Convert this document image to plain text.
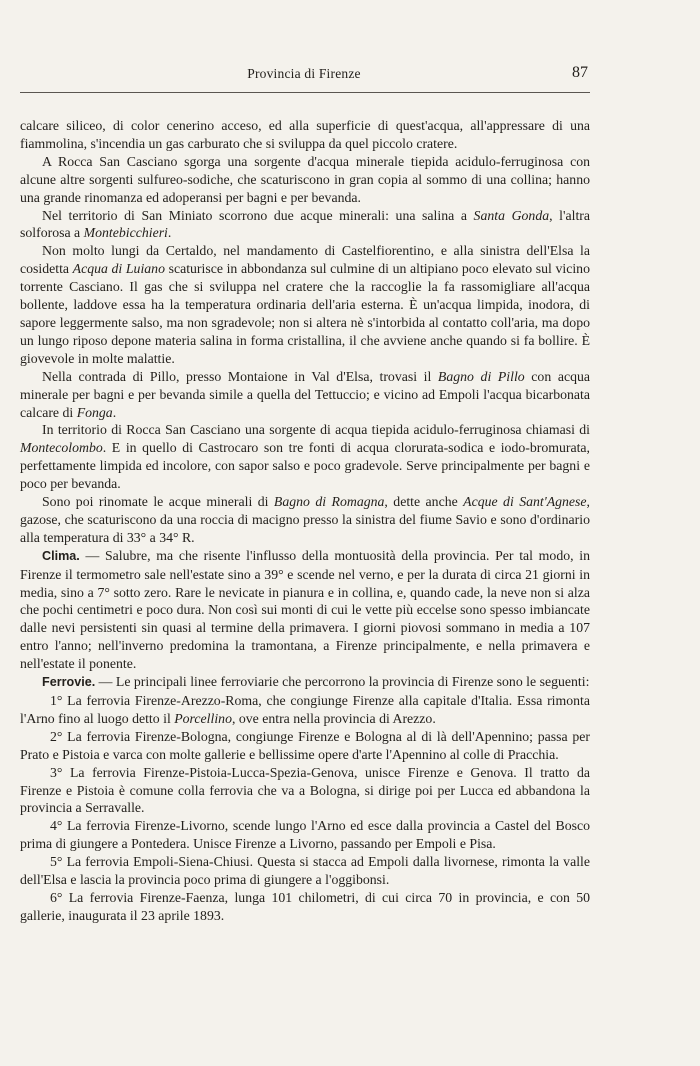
Provincia di Firenze	87

calcare siliceo, di color cenerino acceso, ed alla superficie di quest'acqua, all'appressare di una fiammolina, s'incendia un gas carburato che si sviluppa da quel piccolo cratere.

A Rocca San Casciano sgorga una sorgente d'acqua minerale tiepida acidulo-ferruginosa con alcune altre sorgenti sulfureo-sodiche, che scaturiscono in gran copia al sommo di una collina; hanno una grande rinomanza ed adoperansi per bagni e per bevanda.

Nel territorio di San Miniato scorrono due acque minerali: una salina a Santa Gonda, l'altra solforosa a Montebicchieri.

Non molto lungi da Certaldo, nel mandamento di Castelfiorentino, e alla sinistra dell'Elsa la cosidetta Acqua di Luiano scaturisce in abbondanza sul culmine di un altipiano poco elevato sul vicino torrente Casciano. Il gas che si sviluppa nel cratere che la raccoglie la fa rassomigliare all'acqua bollente, laddove essa ha la temperatura ordinaria dell'aria esterna. È un'acqua limpida, inodora, di sapore leggermente salso, ma non sgradevole; non si altera nè s'intorbida al contatto coll'aria, ma dopo un lungo riposo depone materia salina in forma cristallina, il che avviene anche quando si fa bollire. È giovevole in molte malattie.

Nella contrada di Pillo, presso Montaione in Val d'Elsa, trovasi il Bagno di Pillo con acqua minerale per bagni e per bevanda simile a quella del Tettuccio; e vicino ad Empoli l'acqua bicarbonata calcare di Fonga.

In territorio di Rocca San Casciano una sorgente di acqua tiepida acidulo-ferruginosa chiamasi di Montecolombo. E in quello di Castrocaro son tre fonti di acqua clorurata-sodica e iodo-bromurata, perfettamente limpida ed incolore, con sapor salso e poco gradevole. Serve principalmente per bagni e poco per bevanda.

Sono poi rinomate le acque minerali di Bagno di Romagna, dette anche Acque di Sant'Agnese, gazose, che scaturiscono da una roccia di macigno presso la sinistra del fiume Savio e sono d'ordinario alla temperatura di 33° a 34° R.

Clima. — Salubre, ma che risente l'influsso della montuosità della provincia. Per tal modo, in Firenze il termometro sale nell'estate sino a 39° e scende nel verno, e per la durata di circa 21 giorni in media, sino a 7° sotto zero. Rare le nevicate in pianura e in collina, e, quando cade, la neve non si alza che pochi centimetri e poco dura. Non così sui monti di cui le vette più eccelse sono spesso imbiancate dalle nevi persistenti sin quasi al termine della primavera. I giorni piovosi sommano in media a 107 entro l'anno; nell'inverno predomina la tramontana, a Firenze principalmente, e nella primavera e nell'estate il ponente.

Ferrovie. — Le principali linee ferroviarie che percorrono la provincia di Firenze sono le seguenti:

1° La ferrovia Firenze-Arezzo-Roma, che congiunge Firenze alla capitale d'Italia. Essa rimonta l'Arno fino al luogo detto il Porcellino, ove entra nella provincia di Arezzo.

2° La ferrovia Firenze-Bologna, congiunge Firenze e Bologna al di là dell'Apennino; passa per Prato e Pistoia e varca con molte gallerie e bellissime opere d'arte l'Apennino al colle di Pracchia.

3° La ferrovia Firenze-Pistoia-Lucca-Spezia-Genova, unisce Firenze e Genova. Il tratto da Firenze e Pistoia è comune colla ferrovia che va a Bologna, si dirige poi per Lucca ed abbandona la provincia a Serravalle.

4° La ferrovia Firenze-Livorno, scende lungo l'Arno ed esce dalla provincia a Castel del Bosco prima di giungere a Pontedera. Unisce Firenze a Livorno, passando per Empoli e Pisa.

5° La ferrovia Empoli-Siena-Chiusi. Questa si stacca ad Empoli dalla livornese, rimonta la valle dell'Elsa e lascia la provincia poco prima di giungere a l'oggibonsi.

6° La ferrovia Firenze-Faenza, lunga 101 chilometri, di cui circa 70 in provincia, e con 50 gallerie, inaugurata il 23 aprile 1893.
